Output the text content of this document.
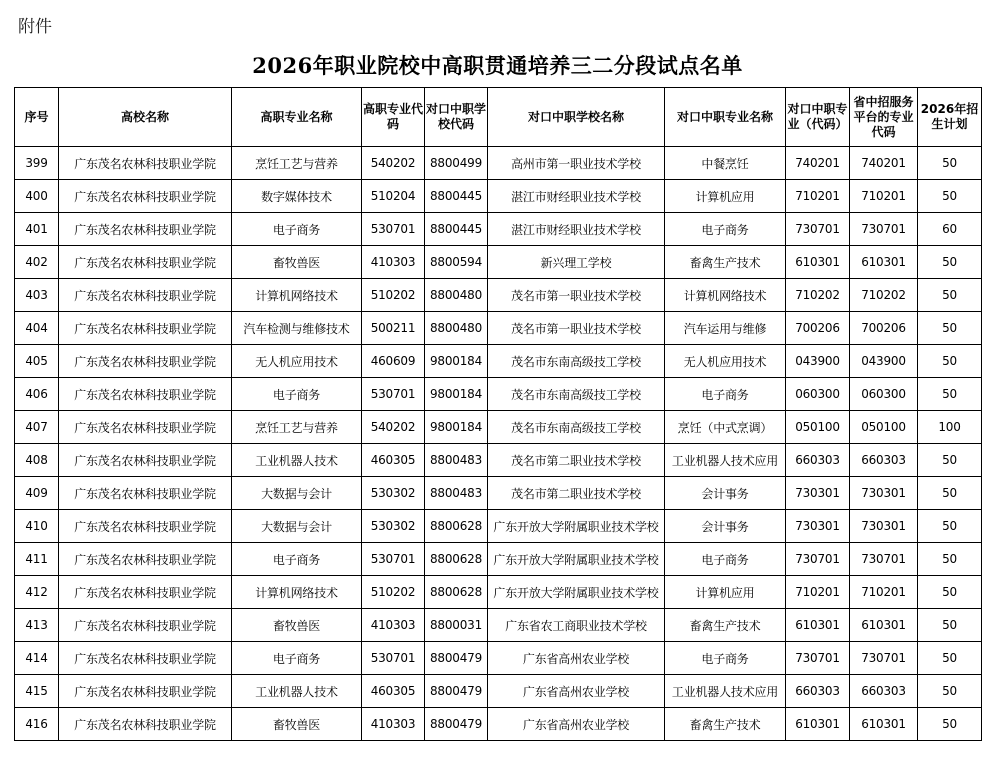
附件
2026年职业院校中高职贯通培养三二分段试点名单
序号	高校名称	高职专业名称	高职专业代码	对口中职学校代码	对口中职学校名称	对口中职专业名称	对口中职专业（代码）	省中招服务平台的专业代码	2026年招生计划
399	广东茂名农林科技职业学院	烹饪工艺与营养	540202	8800499	高州市第一职业技术学校	中餐烹饪	740201	740201	50
400	广东茂名农林科技职业学院	数字媒体技术	510204	8800445	湛江市财经职业技术学校	计算机应用	710201	710201	50
401	广东茂名农林科技职业学院	电子商务	530701	8800445	湛江市财经职业技术学校	电子商务	730701	730701	60
402	广东茂名农林科技职业学院	畜牧兽医	410303	8800594	新兴理工学校	畜禽生产技术	610301	610301	50
403	广东茂名农林科技职业学院	计算机网络技术	510202	8800480	茂名市第一职业技术学校	计算机网络技术	710202	710202	50
404	广东茂名农林科技职业学院	汽车检测与维修技术	500211	8800480	茂名市第一职业技术学校	汽车运用与维修	700206	700206	50
405	广东茂名农林科技职业学院	无人机应用技术	460609	9800184	茂名市东南高级技工学校	无人机应用技术	043900	043900	50
406	广东茂名农林科技职业学院	电子商务	530701	9800184	茂名市东南高级技工学校	电子商务	060300	060300	50
407	广东茂名农林科技职业学院	烹饪工艺与营养	540202	9800184	茂名市东南高级技工学校	烹饪（中式烹调）	050100	050100	100
408	广东茂名农林科技职业学院	工业机器人技术	460305	8800483	茂名市第二职业技术学校	工业机器人技术应用	660303	660303	50
409	广东茂名农林科技职业学院	大数据与会计	530302	8800483	茂名市第二职业技术学校	会计事务	730301	730301	50
410	广东茂名农林科技职业学院	大数据与会计	530302	8800628	广东开放大学附属职业技术学校	会计事务	730301	730301	50
411	广东茂名农林科技职业学院	电子商务	530701	8800628	广东开放大学附属职业技术学校	电子商务	730701	730701	50
412	广东茂名农林科技职业学院	计算机网络技术	510202	8800628	广东开放大学附属职业技术学校	计算机应用	710201	710201	50
413	广东茂名农林科技职业学院	畜牧兽医	410303	8800031	广东省农工商职业技术学校	畜禽生产技术	610301	610301	50
414	广东茂名农林科技职业学院	电子商务	530701	8800479	广东省高州农业学校	电子商务	730701	730701	50
415	广东茂名农林科技职业学院	工业机器人技术	460305	8800479	广东省高州农业学校	工业机器人技术应用	660303	660303	50
416	广东茂名农林科技职业学院	畜牧兽医	410303	8800479	广东省高州农业学校	畜禽生产技术	610301	610301	50
